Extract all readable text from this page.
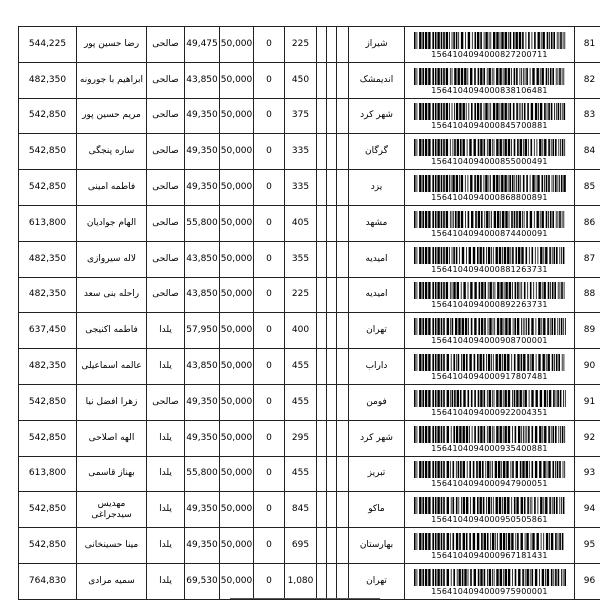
544,225	رضا حسین پور	صالحی	49,475	50,000	0	225				شیراز	1564104094000827200711	81
482,350	ابراهیم با جورونه	صالحی	43,850	50,000	0	450				اندیمشک	1564104094000838106481	82
542,850	مریم حسین پور	صالحی	49,350	50,000	0	375				شهر کرد	1564104094000845700881	83
542,850	ساره پنجگی	صالحی	49,350	50,000	0	335				گرگان	1564104094000855000491	84
542,850	فاطمه امینی	صالحی	49,350	50,000	0	335				یزد	1564104094000868800891	85
613,800	الهام جوادیان	صالحی	55,800	50,000	0	405				مشهد	1564104094000874400091	86
482,350	لاله سیروازی	صالحی	43,850	50,000	0	355				امیدیه	1564104094000881263731	87
482,350	راحله بنی سعد	صالحی	43,850	50,000	0	225				امیدیه	1564104094000892263731	88
637,450	فاطمه اکنیجی	یلدا	57,950	50,000	0	400				تهران	1564104094000908700001	89
482,350	عالمه اسماعیلی	یلدا	43,850	50,000	0	455				داراب	1564104094000917807481	90
542,850	زهرا افضل نیا	صالحی	49,350	50,000	0	455				فومن	1564104094000922004351	91
542,850	الهه اصلاحی	یلدا	49,350	50,000	0	295				شهر کرد	1564104094000935400881	92
613,800	بهناز قاسمی	یلدا	55,800	50,000	0	455				تبریز	1564104094000947900051	93
542,850	مهدیس سیدجراغی	یلدا	49,350	50,000	0	845				ماکو	1564104094000950505861	94
542,850	مینا حسینخانی	یلدا	49,350	50,000	0	695				بهارستان	1564104094000967181431	95
764,830	سمیه مرادی	یلدا	69,530	50,000	0	1,080				تهران	1564104094000975900001	96
